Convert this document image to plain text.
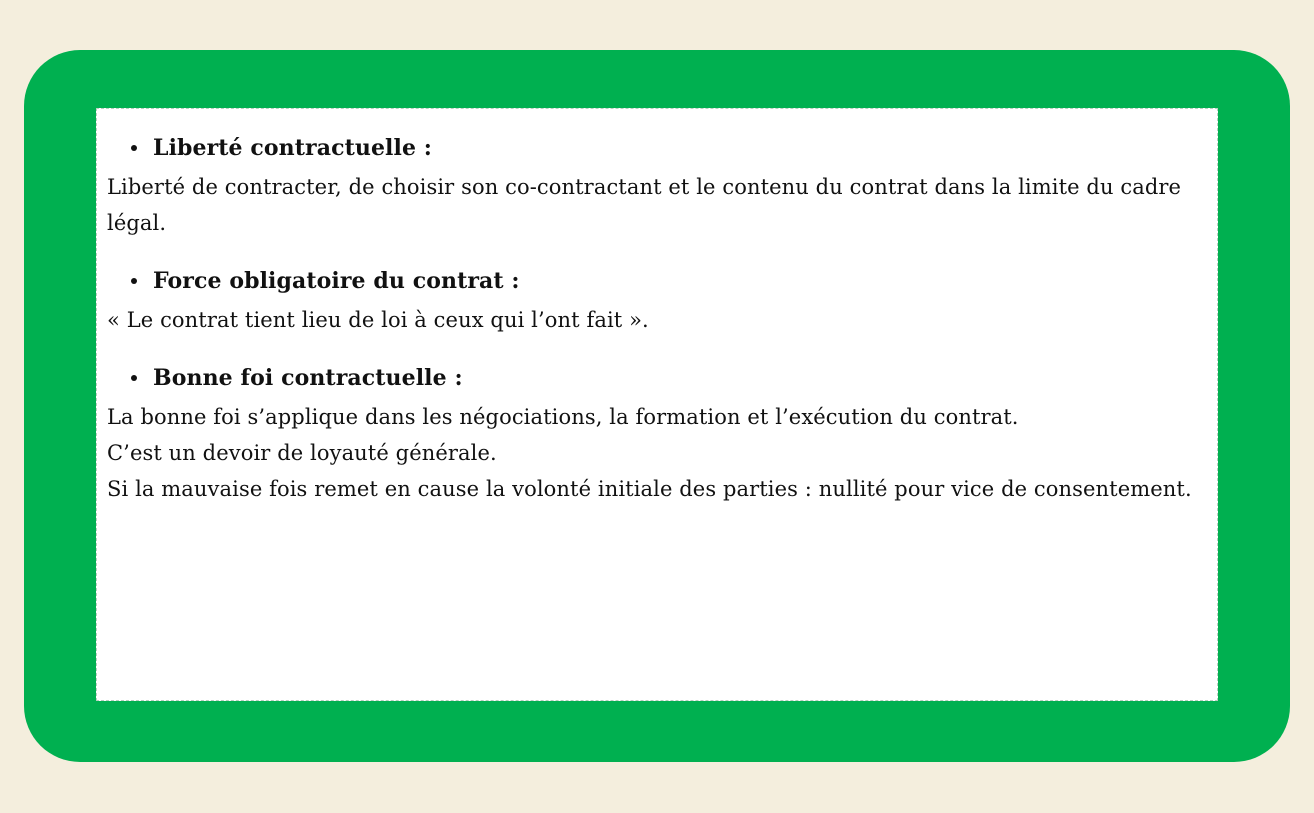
Liberté contractuelle :

Liberté de contracter, de choisir son co-contractant et le contenu du contrat dans la limite du cadre légal.

Force obligatoire du contrat :

« Le contrat tient lieu de loi à ceux qui l’ont fait ».

Bonne foi contractuelle :

La bonne foi s’applique dans les négociations, la formation et l’exécution du contrat.

C’est un devoir de loyauté générale.

Si la mauvaise fois remet en cause la volonté initiale des parties : nullité pour vice de consentement.
